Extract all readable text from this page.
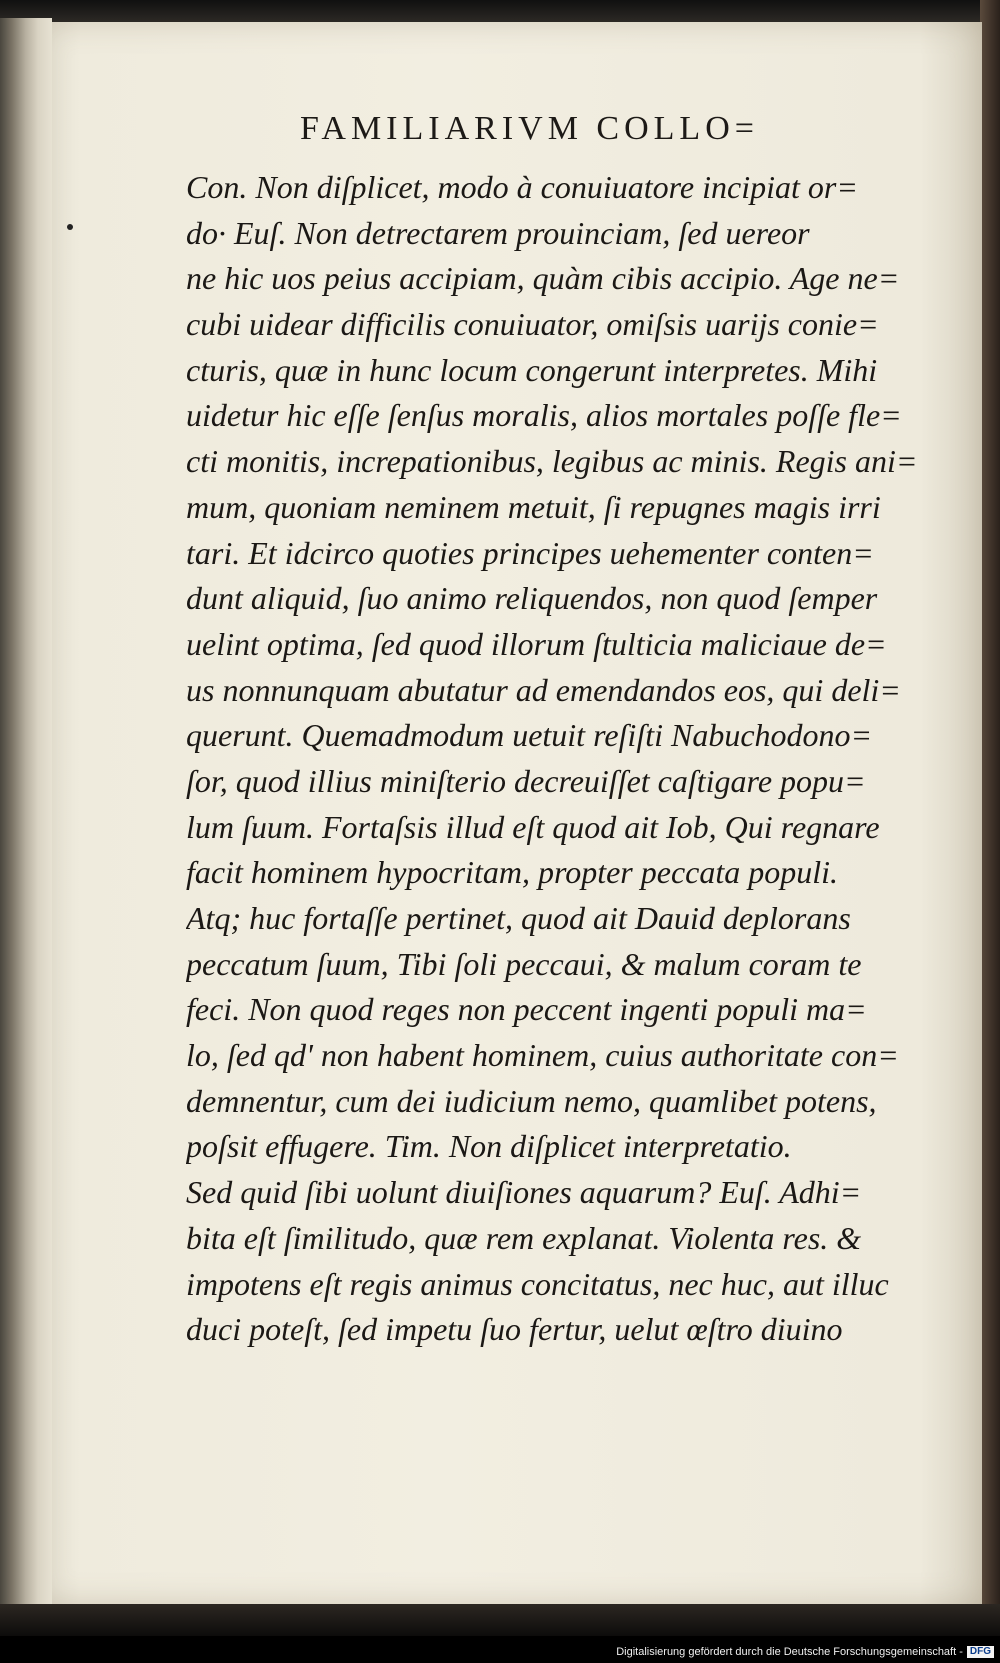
FAMILIARIVM COLLO=
Con. Non diſplicet, modo à conuiuatore incipiat or=
do· Euſ. Non detrectarem prouinciam, ſed uereor
ne hic uos peius accipiam, quàm cibis accipio. Age ne=
cubi uidear difficilis conuiuator, omiſsis uarijs conie=
cturis, quæ in hunc locum congerunt interpretes. Mihi
uidetur hic eſſe ſenſus moralis, alios mortales poſſe fle=
cti monitis, increpationibus, legibus ac minis. Regis ani=
mum, quoniam neminem metuit, ſi repugnes magis irri
tari. Et idcirco quoties principes uehementer conten=
dunt aliquid, ſuo animo reliquendos, non quod ſemper
uelint optima, ſed quod illorum ſtulticia maliciaue de=
us nonnunquam abutatur ad emendandos eos, qui deli=
querunt. Quemadmodum uetuit reſiſti Nabuchodono=
ſor, quod illius miniſterio decreuiſſet caſtigare popu=
lum ſuum. Fortaſsis illud eſt quod ait Iob, Qui regnare
facit hominem hypocritam, propter peccata populi.
Atq; huc fortaſſe pertinet, quod ait Dauid deplorans
peccatum ſuum, Tibi ſoli peccaui, & malum coram te
feci. Non quod reges non peccent ingenti populi ma=
lo, ſed qd' non habent hominem, cuius authoritate con=
demnentur, cum dei iudicium nemo, quamlibet potens,
poſsit effugere. Tim. Non diſplicet interpretatio.
Sed quid ſibi uolunt diuiſiones aquarum? Euſ. Adhi=
bita eſt ſimilitudo, quæ rem explanat. Violenta res. &
impotens eſt regis animus concitatus, nec huc, aut illuc
duci poteſt, ſed impetu ſuo fertur, uelut œſtro diuino
Digitalisierung gefördert durch die Deutsche Forschungsgemeinschaft - DFG
